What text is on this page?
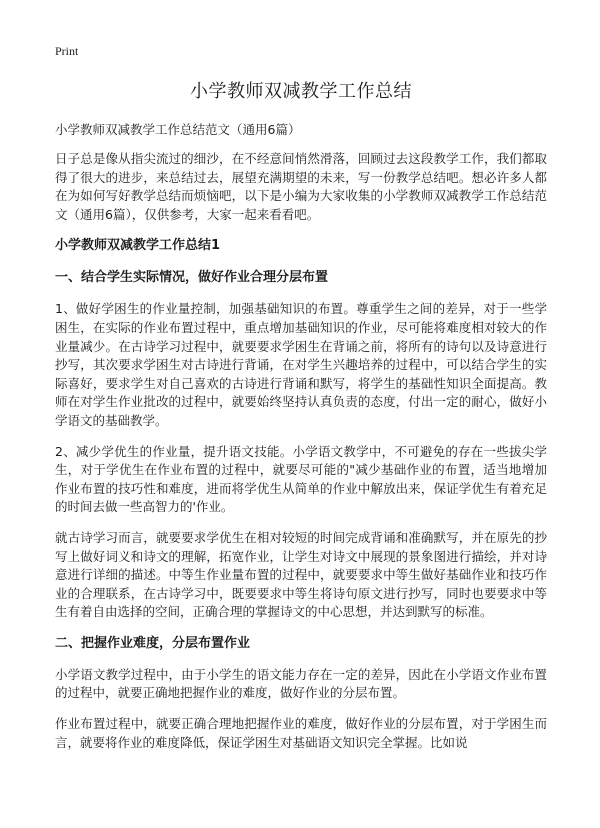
Print
小学教师双减教学工作总结

小学教师双减教学工作总结范文（通用6篇）

日子总是像从指尖流过的细沙，在不经意间悄然滑落，回顾过去这段教学工作，我们都取得了很大的进步，来总结过去，展望充满期望的未来，写一份教学总结吧。想必许多人都在为如何写好教学总结而烦恼吧，以下是小编为大家收集的小学教师双减教学工作总结范文（通用6篇），仅供参考，大家一起来看看吧。

小学教师双减教学工作总结1
一、结合学生实际情况，做好作业合理分层布置

1、做好学困生的作业量控制，加强基础知识的布置。尊重学生之间的差异，对于一些学困生，在实际的作业布置过程中，重点增加基础知识的作业，尽可能将难度相对较大的作业量减少。在古诗学习过程中，就要要求学困生在背诵之前，将所有的诗句以及诗意进行抄写，其次要求学困生对古诗进行背诵，在对学生兴趣培养的过程中，可以结合学生的实际喜好，要求学生对自己喜欢的古诗进行背诵和默写，将学生的基础性知识全面提高。教师在对学生作业批改的过程中，就要始终坚持认真负责的态度，付出一定的耐心，做好小学语文的基础教学。

2、减少学优生的作业量，提升语文技能。小学语文教学中，不可避免的存在一些拔尖学生，对于学优生在作业布置的过程中，就要尽可能的"减少基础作业的布置，适当地增加作业布置的技巧性和难度，进而将学优生从简单的作业中解放出来，保证学优生有着充足的时间去做一些高智力的'作业。

就古诗学习而言，就要要求学优生在相对较短的时间完成背诵和准确默写，并在原先的抄写上做好词义和诗文的理解，拓宽作业，让学生对诗文中展现的景象图进行描绘，并对诗意进行详细的描述。中等生作业量布置的过程中，就要要求中等生做好基础作业和技巧作业的合理联系，在古诗学习中，既要要求中等生将诗句原文进行抄写，同时也要要求中等生有着自由选择的空间，正确合理的掌握诗文的中心思想，并达到默写的标准。

二、把握作业难度，分层布置作业

小学语文教学过程中，由于小学生的语文能力存在一定的差异，因此在小学语文作业布置的过程中，就要正确地把握作业的难度，做好作业的分层布置。

作业布置过程中，就要正确合理地把握作业的难度，做好作业的分层布置，对于学困生而言，就要将作业的难度降低，保证学困生对基础语文知识完全掌握。比如说
